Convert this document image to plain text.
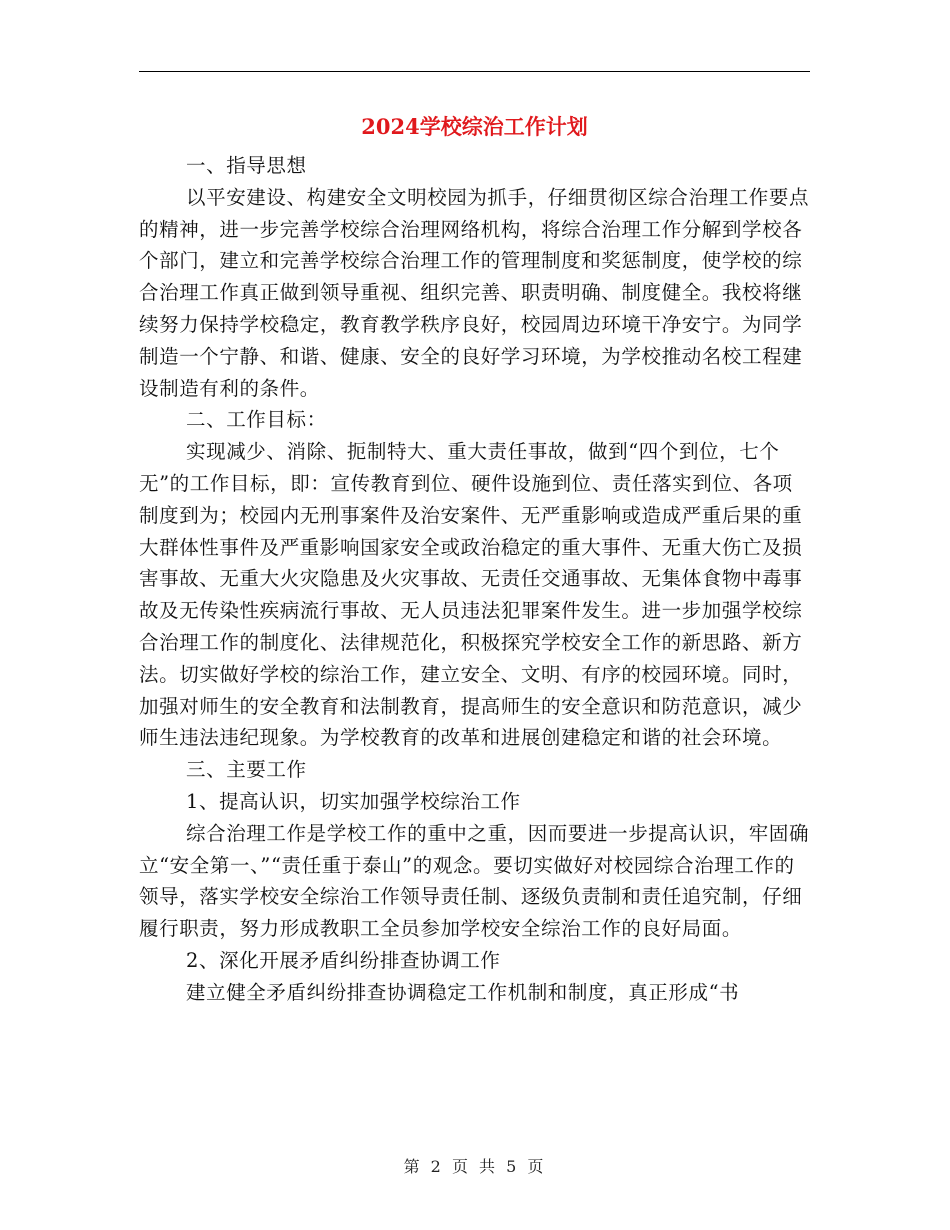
2024学校综治工作计划

一、指导思想

以平安建设、构建安全文明校园为抓手，仔细贯彻区综合治理工作要点的精神，进一步完善学校综合治理网络机构，将综合治理工作分解到学校各个部门，建立和完善学校综合治理工作的管理制度和奖惩制度，使学校的综合治理工作真正做到领导重视、组织完善、职责明确、制度健全。我校将继续努力保持学校稳定，教育教学秩序良好，校园周边环境干净安宁。为同学制造一个宁静、和谐、健康、安全的良好学习环境，为学校推动名校工程建设制造有利的条件。

二、工作目标：

实现减少、消除、扼制特大、重大责任事故，做到“四个到位，七个无”的工作目标，即：宣传教育到位、硬件设施到位、责任落实到位、各项制度到为；校园内无刑事案件及治安案件、无严重影响或造成严重后果的重大群体性事件及严重影响国家安全或政治稳定的重大事件、无重大伤亡及损害事故、无重大火灾隐患及火灾事故、无责任交通事故、无集体食物中毒事故及无传染性疾病流行事故、无人员违法犯罪案件发生。进一步加强学校综合治理工作的制度化、法律规范化，积极探究学校安全工作的新思路、新方法。切实做好学校的综治工作，建立安全、文明、有序的校园环境。同时，加强对师生的安全教育和法制教育，提高师生的安全意识和防范意识，减少师生违法违纪现象。为学校教育的改革和进展创建稳定和谐的社会环境。

三、主要工作

1、提高认识，切实加强学校综治工作

综合治理工作是学校工作的重中之重，因而要进一步提高认识，牢固确立“安全第一、”“责任重于泰山”的观念。要切实做好对校园综合治理工作的领导，落实学校安全综治工作领导责任制、逐级负责制和责任追究制，仔细履行职责，努力形成教职工全员参加学校安全综治工作的良好局面。

2、深化开展矛盾纠纷排查协调工作

建立健全矛盾纠纷排查协调稳定工作机制和制度，真正形成“书

第 2 页 共 5 页
